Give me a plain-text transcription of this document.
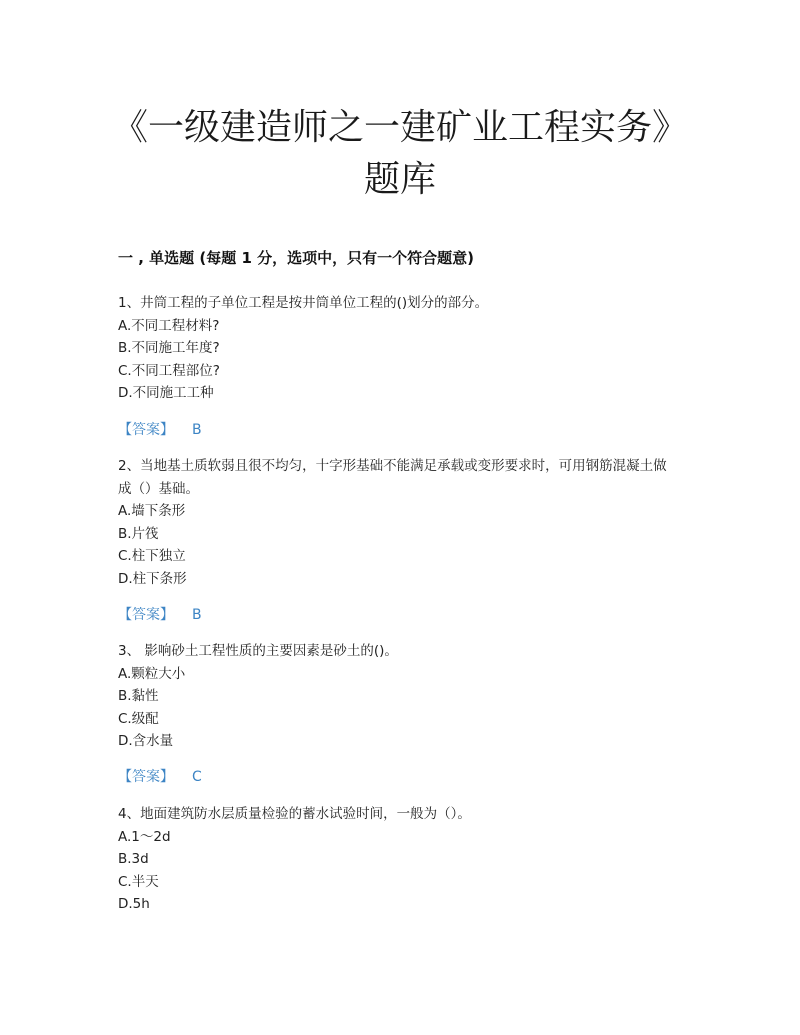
《一级建造师之一建矿业工程实务》
题库
一 , 单选题 (每题 1 分，选项中，只有一个符合题意)
1、井筒工程的子单位工程是按井筒单位工程的()划分的部分。
A.不同工程材料?
B.不同施工年度?
C.不同工程部位?
D.不同施工工种
【答案】 B
2、当地基土质软弱且很不均匀，十字形基础不能满足承载或变形要求时，可用钢筋混凝土做成（）基础。
A.墙下条形
B.片筏
C.柱下独立
D.柱下条形
【答案】 B
3、 影响砂土工程性质的主要因素是砂土的()。
A.颗粒大小
B.黏性
C.级配
D.含水量
【答案】 C
4、地面建筑防水层质量检验的蓄水试验时间，一般为（）。
A.1～2d
B.3d
C.半天
D.5h
